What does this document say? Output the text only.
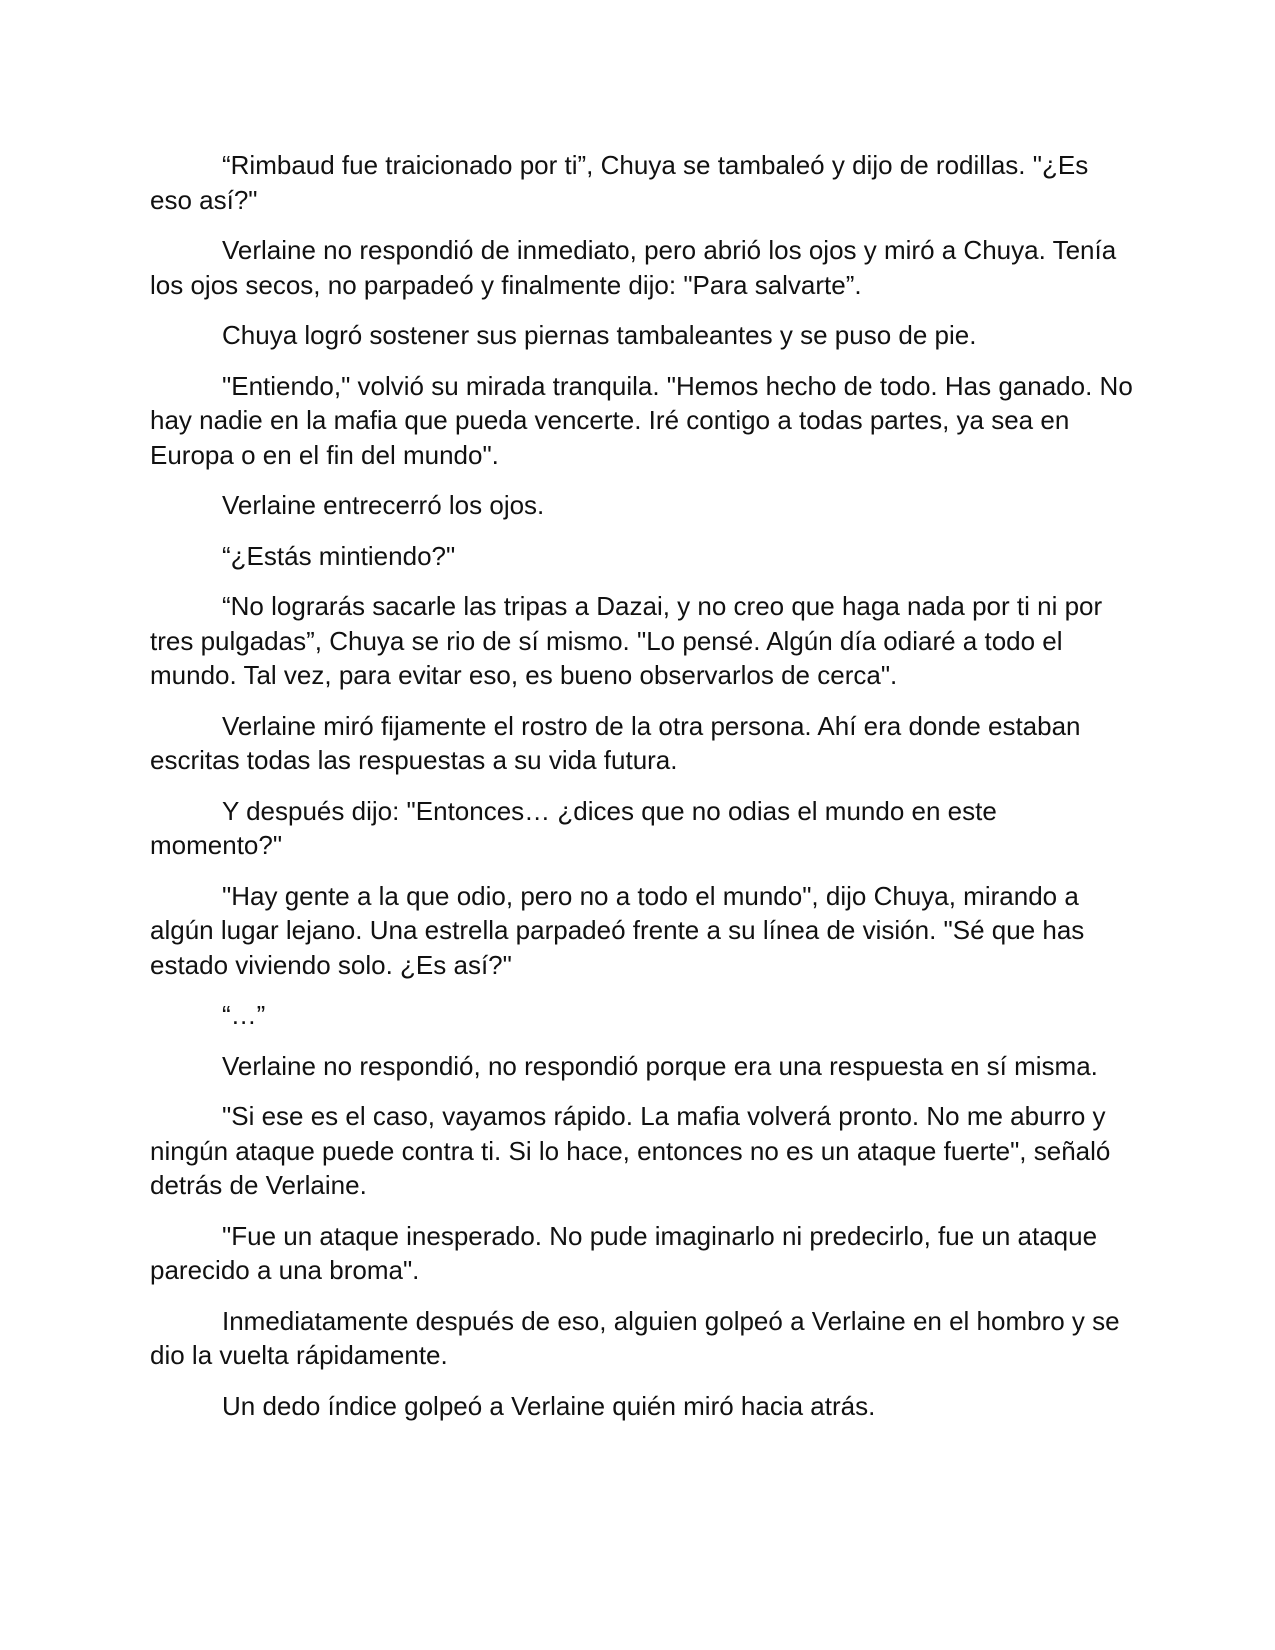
“Rimbaud fue traicionado por ti”, Chuya se tambaleó y dijo de rodillas. "¿Es eso así?"

Verlaine no respondió de inmediato, pero abrió los ojos y miró a Chuya. Tenía los ojos secos, no parpadeó y finalmente dijo: "Para salvarte”.

Chuya logró sostener sus piernas tambaleantes y se puso de pie.

"Entiendo," volvió su mirada tranquila. "Hemos hecho de todo. Has ganado. No hay nadie en la mafia que pueda vencerte. Iré contigo a todas partes, ya sea en Europa o en el fin del mundo".

Verlaine entrecerró los ojos.

“¿Estás mintiendo?"

“No lograrás sacarle las tripas a Dazai, y no creo que haga nada por ti ni por tres pulgadas”, Chuya se rio de sí mismo. "Lo pensé. Algún día odiaré a todo el mundo. Tal vez, para evitar eso, es bueno observarlos de cerca".

Verlaine miró fijamente el rostro de la otra persona. Ahí era donde estaban escritas todas las respuestas a su vida futura.

Y después dijo: "Entonces… ¿dices que no odias el mundo en este momento?"

"Hay gente a la que odio, pero no a todo el mundo", dijo Chuya, mirando a algún lugar lejano. Una estrella parpadeó frente a su línea de visión. "Sé que has estado viviendo solo. ¿Es así?"

“…”

Verlaine no respondió, no respondió porque era una respuesta en sí misma.

"Si ese es el caso, vayamos rápido. La mafia volverá pronto. No me aburro y ningún ataque puede contra ti. Si lo hace, entonces no es un ataque fuerte", señaló detrás de Verlaine.

"Fue un ataque inesperado. No pude imaginarlo ni predecirlo, fue un ataque parecido a una broma".

Inmediatamente después de eso, alguien golpeó a Verlaine en el hombro y se dio la vuelta rápidamente.

Un dedo índice golpeó a Verlaine quién miró hacia atrás.
